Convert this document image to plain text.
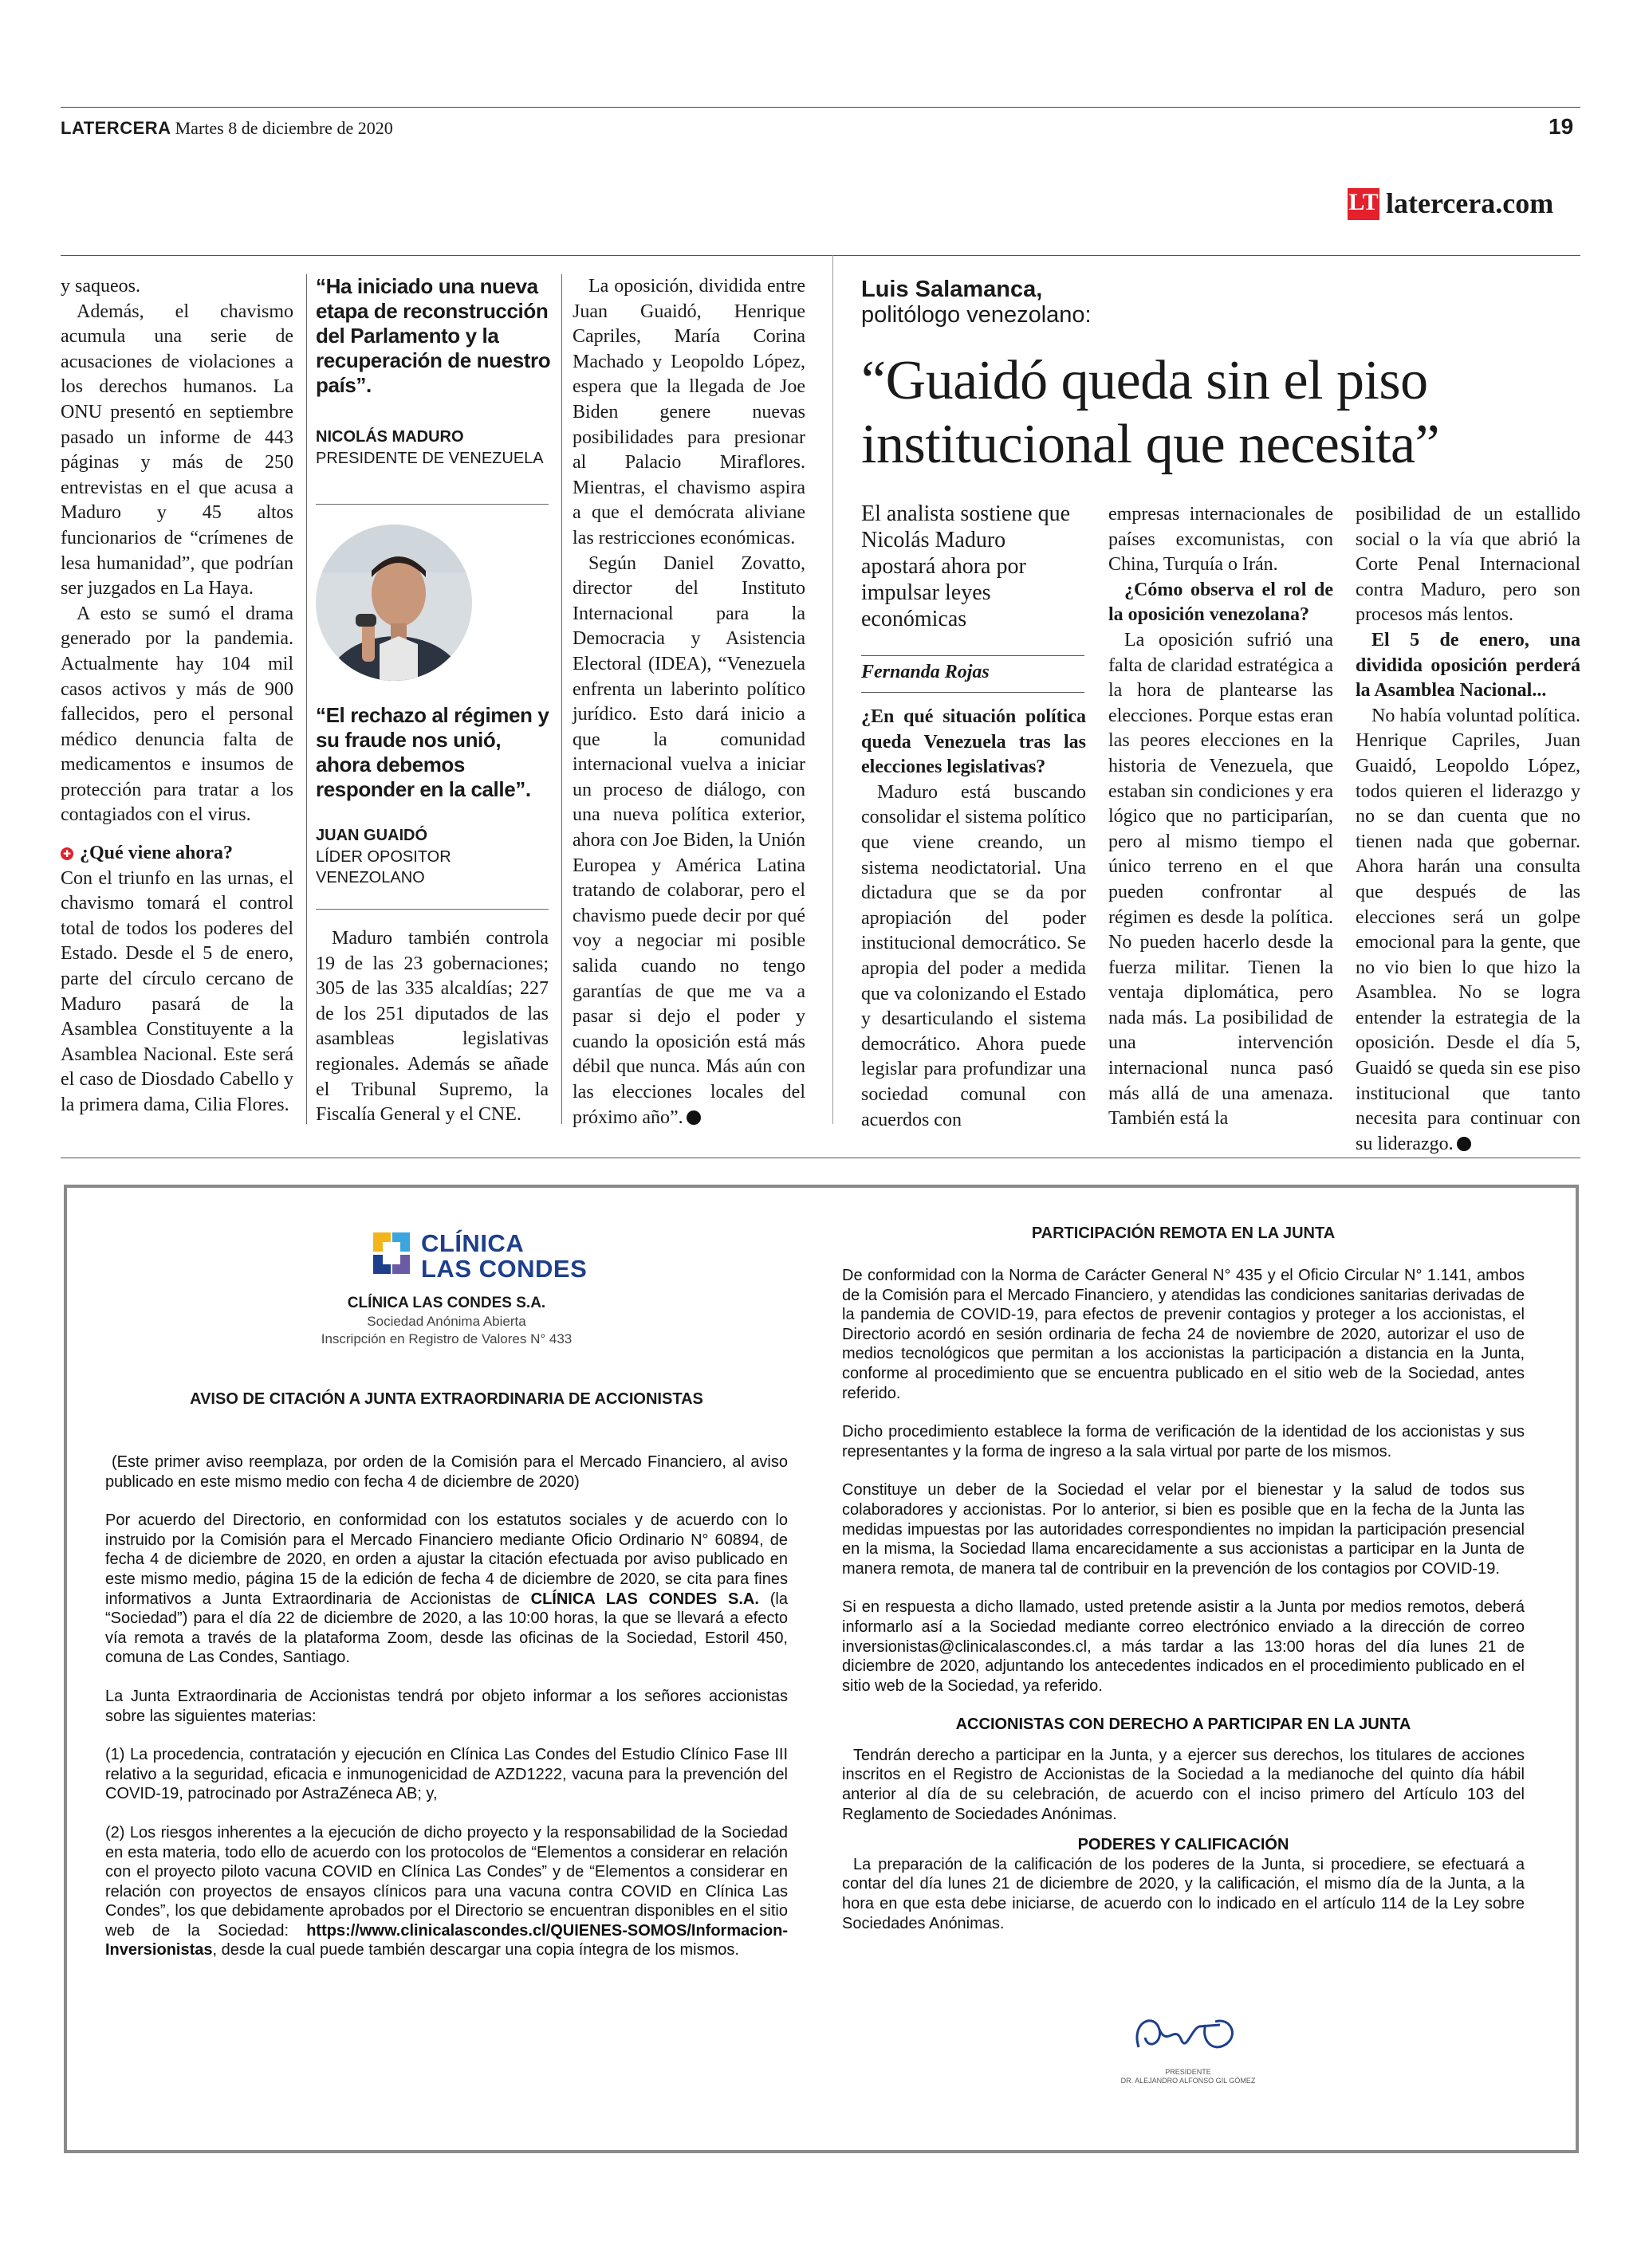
LATERCERA Martes 8 de diciembre de 2020	19
LT latercera.com

y saqueos.

Además, el chavismo acumula una serie de acusaciones de violaciones a los derechos humanos. La ONU presentó en septiembre pasado un informe de 443 páginas y más de 250 entrevistas en el que acusa a Maduro y 45 altos funcionarios de “crímenes de lesa humanidad”, que podrían ser juzgados en La Haya.

A esto se sumó el drama generado por la pandemia. Actualmente hay 104 mil casos activos y más de 900 fallecidos, pero el personal médico denuncia falta de medicamentos e insumos de protección para tratar a los contagiados con el virus.

✚ ¿Qué viene ahora?

Con el triunfo en las urnas, el chavismo tomará el control total de todos los poderes del Estado. Desde el 5 de enero, parte del círculo cercano de Maduro pasará de la Asamblea Constituyente a la Asamblea Nacional. Este será el caso de Diosdado Cabello y la primera dama, Cilia Flores.

“Ha iniciado una nueva etapa de reconstrucción del Parlamento y la recuperación de nuestro país”.
NICOLÁS MADURO
PRESIDENTE DE VENEZUELA
“El rechazo al régimen y su fraude nos unió, ahora debemos responder en la calle”.
JUAN GUAIDÓ
LÍDER OPOSITOR VENEZOLANO

Maduro también controla 19 de las 23 gobernaciones; 305 de las 335 alcaldías; 227 de los 251 diputados de las asambleas legislativas regionales. Además se añade el Tribunal Supremo, la Fiscalía General y el CNE.

La oposición, dividida entre Juan Guaidó, Henrique Capriles, María Corina Machado y Leopoldo López, espera que la llegada de Joe Biden genere nuevas posibilidades para presionar al Palacio Miraflores. Mientras, el chavismo aspira a que el demócrata aliviane las restricciones económicas.

Según Daniel Zovatto, director del Instituto Internacional para la Democracia y Asistencia Electoral (IDEA), “Venezuela enfrenta un laberinto político jurídico. Esto dará inicio a que la comunidad internacional vuelva a iniciar un proceso de diálogo, con una nueva política exterior, ahora con Joe Biden, la Unión Europea y América Latina tratando de colaborar, pero el chavismo puede decir por qué voy a negociar mi posible salida cuando no tengo garantías de que me va a pasar si dejo el poder y cuando la oposición está más débil que nunca. Más aún con las elecciones locales del próximo año”.

Luis Salamanca,
politólogo venezolano:
“Guaidó queda sin el piso
institucional que necesita”
El analista sostiene que Nicolás Maduro apostará ahora por impulsar leyes económicas
Fernanda Rojas

¿En qué situación política queda Venezuela tras las elecciones legislativas?

Maduro está buscando consolidar el sistema político que viene creando, un sistema neodictatorial. Una dictadura que se da por apropiación del poder institucional democrático. Se apropia del poder a medida que va colonizando el Estado y desarticulando el sistema democrático. Ahora puede legislar para profundizar una sociedad comunal con acuerdos con

empresas internacionales de países excomunistas, con China, Turquía o Irán.

¿Cómo observa el rol de la oposición venezolana?

La oposición sufrió una falta de claridad estratégica a la hora de plantearse las elecciones. Porque estas eran las peores elecciones en la historia de Venezuela, que estaban sin condiciones y era lógico que no participarían, pero al mismo tiempo el único terreno en el que pueden confrontar al régimen es desde la política. No pueden hacerlo desde la fuerza militar. Tienen la ventaja diplomática, pero nada más. La posibilidad de una intervención internacional nunca pasó más allá de una amenaza. También está la

posibilidad de un estallido social o la vía que abrió la Corte Penal Internacional contra Maduro, pero son procesos más lentos.

El 5 de enero, una dividida oposición perderá la Asamblea Nacional...

No había voluntad política. Henrique Capriles, Juan Guaidó, Leopoldo López, todos quieren el liderazgo y no se dan cuenta que no tienen nada que gobernar. Ahora harán una consulta que después de las elecciones será un golpe emocional para la gente, que no vio bien lo que hizo la Asamblea. No se logra entender la estrategia de la oposición. Desde el día 5, Guaidó se queda sin ese piso institucional que tanto necesita para continuar con su liderazgo.

CLÍNICA
LAS CONDES
CLÍNICA LAS CONDES S.A.
Sociedad Anónima Abierta
Inscripción en Registro de Valores N° 433
AVISO DE CITACIÓN A JUNTA EXTRAORDINARIA DE ACCIONISTAS

(Este primer aviso reemplaza, por orden de la Comisión para el Mercado Financiero, al aviso publicado en este mismo medio con fecha 4 de diciembre de 2020)

Por acuerdo del Directorio, en conformidad con los estatutos sociales y de acuerdo con lo instruido por la Comisión para el Mercado Financiero mediante Oficio Ordinario N° 60894, de fecha 4 de diciembre de 2020, en orden a ajustar la citación efectuada por aviso publicado en este mismo medio, página 15 de la edición de fecha 4 de diciembre de 2020, se cita para fines informativos a Junta Extraordinaria de Accionistas de CLÍNICA LAS CONDES S.A. (la “Sociedad”) para el día 22 de diciembre de 2020, a las 10:00 horas, la que se llevará a efecto vía remota a través de la plataforma Zoom, desde las oficinas de la Sociedad, Estoril 450, comuna de Las Condes, Santiago.

La Junta Extraordinaria de Accionistas tendrá por objeto informar a los señores accionistas sobre las siguientes materias:

(1) La procedencia, contratación y ejecución en Clínica Las Condes del Estudio Clínico Fase III relativo a la seguridad, eficacia e inmunogenicidad de AZD1222, vacuna para la prevención del COVID-19, patrocinado por AstraZéneca AB; y,

(2) Los riesgos inherentes a la ejecución de dicho proyecto y la responsabilidad de la Sociedad en esta materia, todo ello de acuerdo con los protocolos de “Elementos a considerar en relación con el proyecto piloto vacuna COVID en Clínica Las Condes” y de “Elementos a considerar en relación con proyectos de ensayos clínicos para una vacuna contra COVID en Clínica Las Condes”, los que debidamente aprobados por el Directorio se encuentran disponibles en el sitio web de la Sociedad: https://www.clinicalascondes.cl/QUIENES-SOMOS/Informacion-Inversionistas, desde la cual puede también descargar una copia íntegra de los mismos.

PARTICIPACIÓN REMOTA EN LA JUNTA

De conformidad con la Norma de Carácter General N° 435 y el Oficio Circular N° 1.141, ambos de la Comisión para el Mercado Financiero, y atendidas las condiciones sanitarias derivadas de la pandemia de COVID-19, para efectos de prevenir contagios y proteger a los accionistas, el Directorio acordó en sesión ordinaria de fecha 24 de noviembre de 2020, autorizar el uso de medios tecnológicos que permitan a los accionistas la participación a distancia en la Junta, conforme al procedimiento que se encuentra publicado en el sitio web de la Sociedad, antes referido.

Dicho procedimiento establece la forma de verificación de la identidad de los accionistas y sus representantes y la forma de ingreso a la sala virtual por parte de los mismos.

Constituye un deber de la Sociedad el velar por el bienestar y la salud de todos sus colaboradores y accionistas. Por lo anterior, si bien es posible que en la fecha de la Junta las medidas impuestas por las autoridades correspondientes no impidan la participación presencial en la misma, la Sociedad llama encarecidamente a sus accionistas a participar en la Junta de manera remota, de manera tal de contribuir en la prevención de los contagios por COVID-19.

Si en respuesta a dicho llamado, usted pretende asistir a la Junta por medios remotos, deberá informarlo así a la Sociedad mediante correo electrónico enviado a la dirección de correo inversionistas@clinicalascondes.cl, a más tardar a las 13:00 horas del día lunes 21 de diciembre de 2020, adjuntando los antecedentes indicados en el procedimiento publicado en el sitio web de la Sociedad, ya referido.

ACCIONISTAS CON DERECHO A PARTICIPAR EN LA JUNTA

Tendrán derecho a participar en la Junta, y a ejercer sus derechos, los titulares de acciones inscritos en el Registro de Accionistas de la Sociedad a la medianoche del quinto día hábil anterior al día de su celebración, de acuerdo con el inciso primero del Artículo 103 del Reglamento de Sociedades Anónimas.

PODERES Y CALIFICACIÓN

La preparación de la calificación de los poderes de la Junta, si procediere, se efectuará a contar del día lunes 21 de diciembre de 2020, y la calificación, el mismo día de la Junta, a la hora en que esta debe iniciarse, de acuerdo con lo indicado en el artículo 114 de la Ley sobre Sociedades Anónimas.

PRESIDENTE
DR. ALEJANDRO ALFONSO GIL GÓMEZ
